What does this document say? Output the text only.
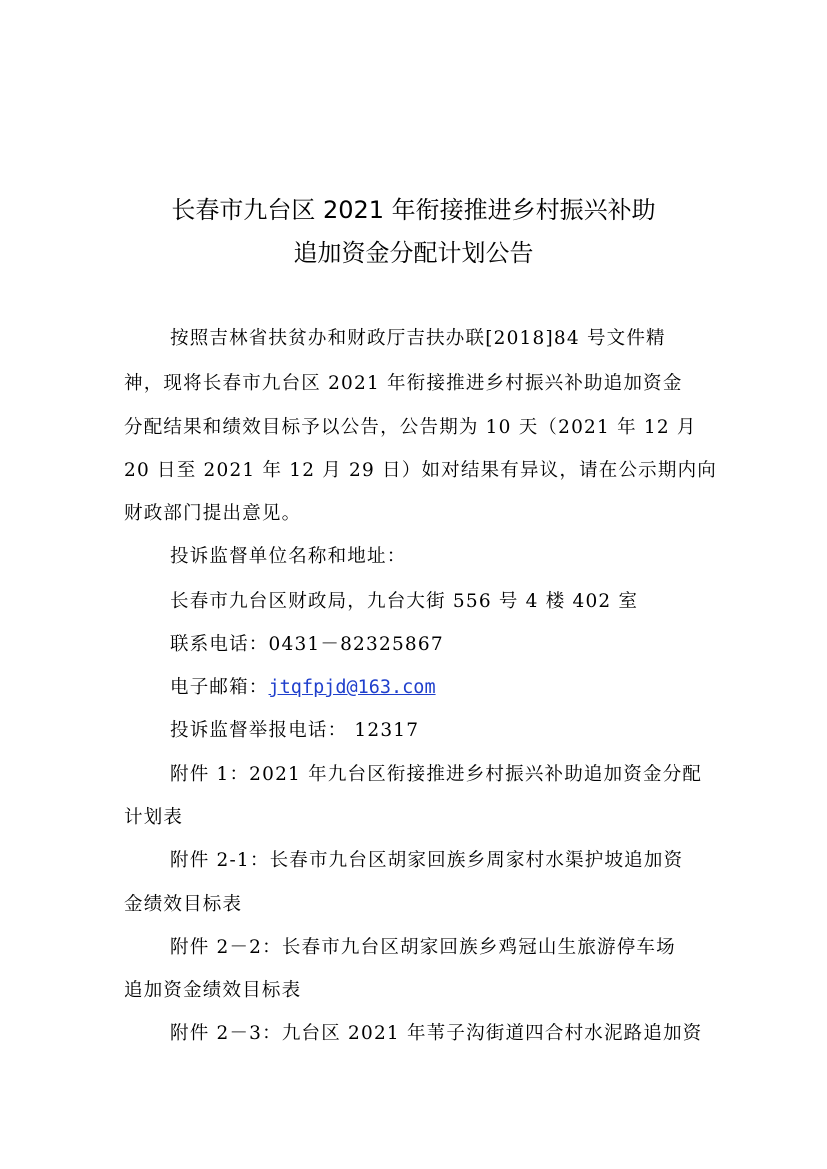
长春市九台区 2021 年衔接推进乡村振兴补助
追加资金分配计划公告
按照吉林省扶贫办和财政厅吉扶办联[2018]84 号文件精
神，现将长春市九台区 2021 年衔接推进乡村振兴补助追加资金
分配结果和绩效目标予以公告，公告期为 10 天（2021 年 12 月
20 日至 2021 年 12 月 29 日）如对结果有异议，请在公示期内向
财政部门提出意见。
投诉监督单位名称和地址：
长春市九台区财政局，九台大街 556 号 4 楼 402 室
联系电话：0431－82325867
电子邮箱：jtqfpjd@163.com
投诉监督举报电话： 12317
附件 1：2021 年九台区衔接推进乡村振兴补助追加资金分配
计划表
附件 2-1：长春市九台区胡家回族乡周家村水渠护坡追加资
金绩效目标表
附件 2－2：长春市九台区胡家回族乡鸡冠山生旅游停车场
追加资金绩效目标表
附件 2－3：九台区 2021 年苇子沟街道四合村水泥路追加资
